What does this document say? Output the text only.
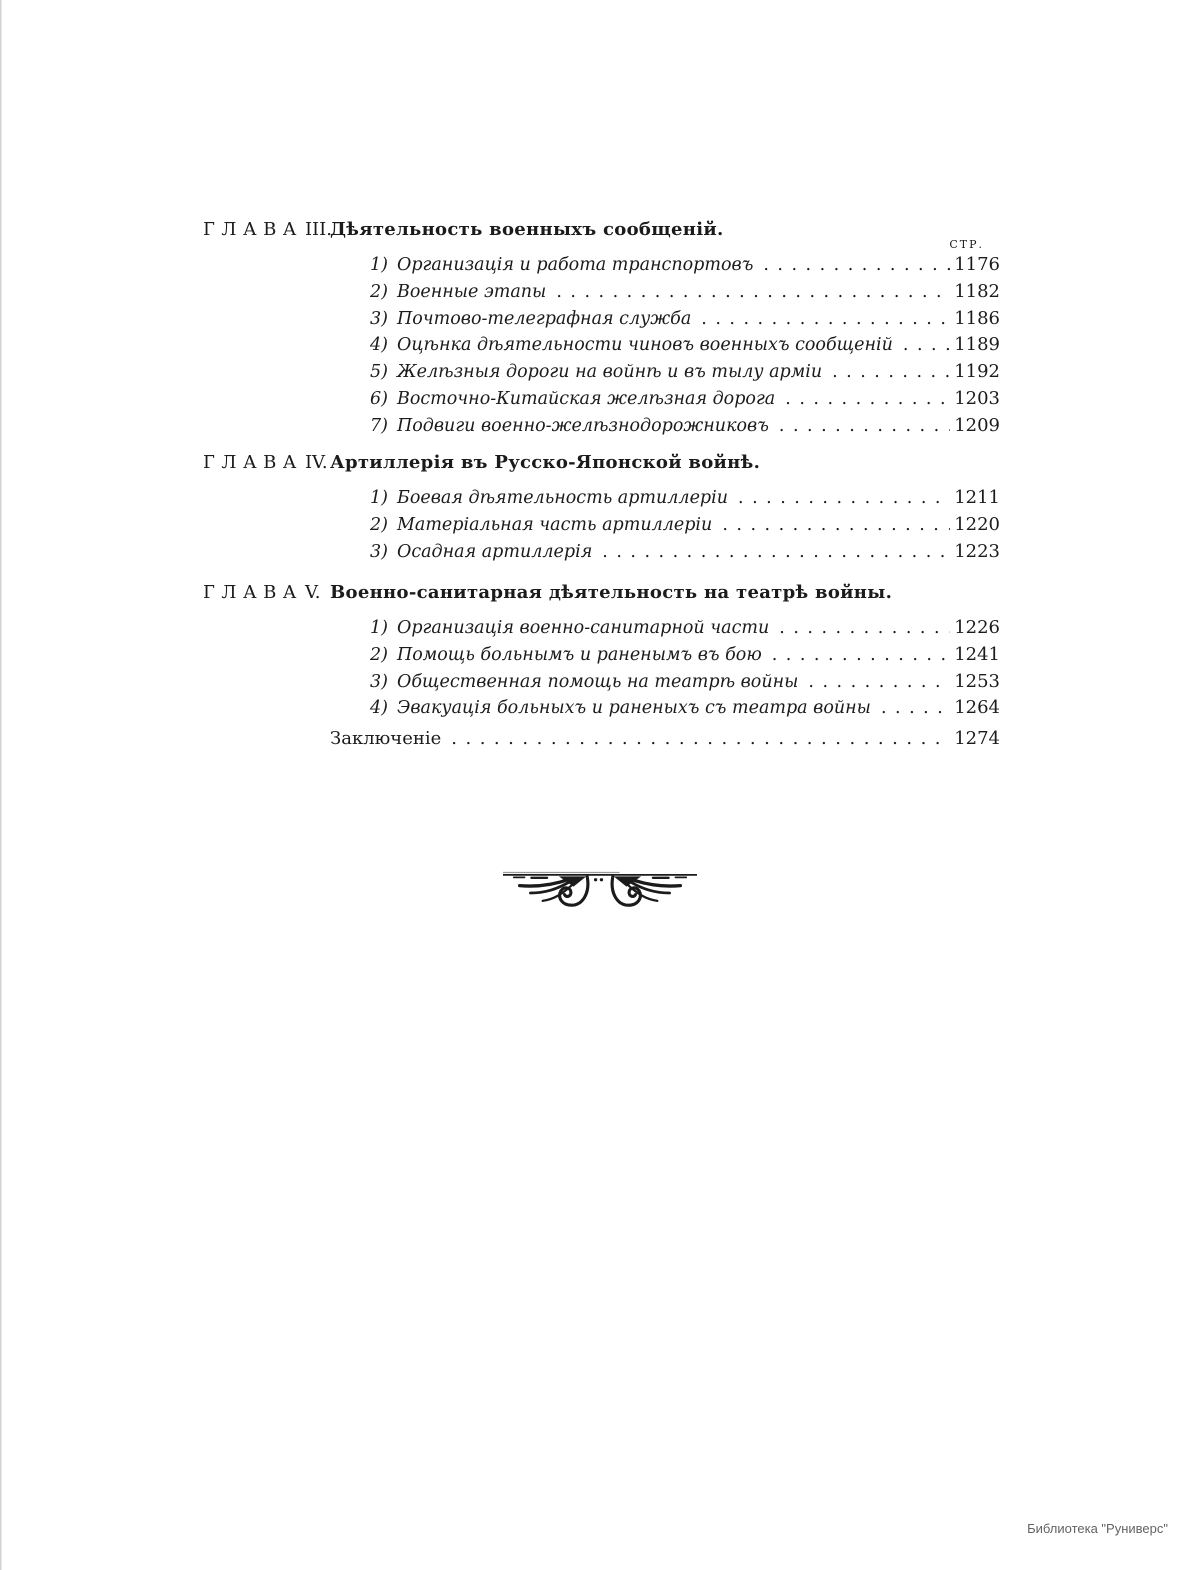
СТР.
ГЛАВА III.Дѣятельность военныхъ сообщеній.
1) Организація и работа транспортовъ .....	1176
2) Военные этапы .....	1182
3) Почтово-телеграфная служба .....	1186
4) Оцѣнка дѣятельности чиновъ военныхъ сообщеній .....	1189
5) Желѣзныя дороги на войнѣ и въ тылу арміи .....	1192
6) Восточно-Китайская желѣзная дорога .....	1203
7) Подвиги военно-желѣзнодорожниковъ .....	1209
ГЛАВА IV. Артиллерія въ Русско-Японской войнѣ.
1) Боевая дѣятельность артиллеріи .....	1211
2) Матеріальная часть артиллеріи .....	1220
3) Осадная артиллерія .....	1223
ГЛАВА V. Военно-санитарная дѣятельность на театрѣ войны.
1) Организація военно-санитарной части .....	1226
2) Помощь больнымъ и раненымъ въ бою .....	1241
3) Общественная помощь на театрѣ войны .....	1253
4) Эвакуація больныхъ и раненыхъ съ театра войны .....	1264
Заключеніе .....	1274
Библиотека "Руниверс"
